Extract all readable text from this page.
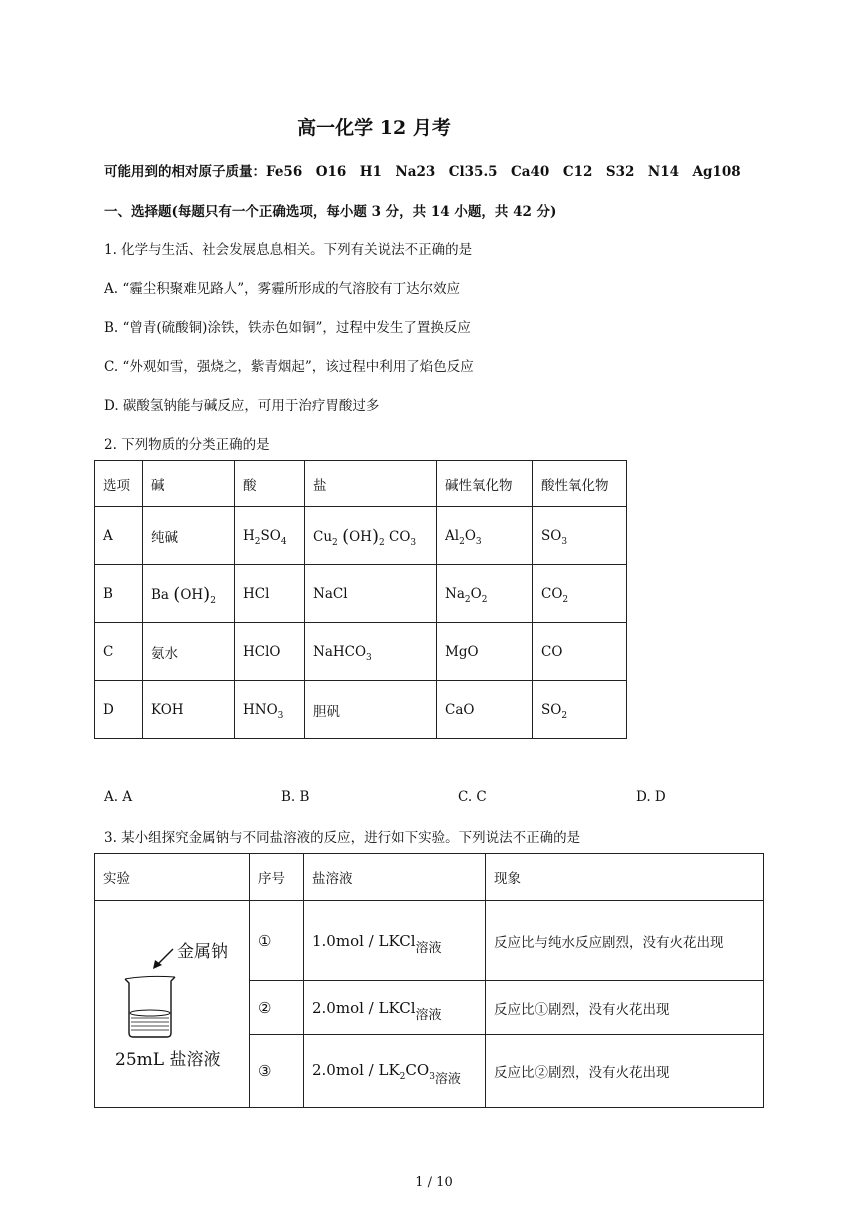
高一化学 12 月考
可能用到的相对原子质量：Fe56　O16　H1　Na23　Cl35.5　Ca40　C12　S32　N14　Ag108
一、选择题(每题只有一个正确选项，每小题 3 分，共 14 小题，共 42 分)
1. 化学与生活、社会发展息息相关。下列有关说法不正确的是
A. “霾尘积聚难见路人”，雾霾所形成的气溶胶有丁达尔效应
B. “曾青(硫酸铜)涂铁，铁赤色如铜”，过程中发生了置换反应
C. “外观如雪，强烧之，紫青烟起”，该过程中利用了焰色反应
D. 碳酸氢钠能与碱反应，可用于治疗胃酸过多
2. 下列物质的分类正确的是
选项	碱	酸	盐	碱性氧化物	酸性氧化物
A	纯碱	$H_2SO_4$	$Cu_2$ $(OH)_2$ $CO_3$	$Al_2O_3$	$SO_3$
B	Ba $(OH)_2$	HCl	NaCl	$Na_2O_2$	$CO_2$
C	氨水	HClO	NaHCO$_3$	MgO	CO
D	KOH	$HNO_3$	胆矾	CaO	$SO_2$
A. A	B. B	C. C	D. D
3. 某小组探究金属钠与不同盐溶液的反应，进行如下实验。下列说法不正确的是
实验	序号	盐溶液	现象

金属钠
25mL 盐溶液	①	1.0mol / LKCl$_{溶液}$	反应比与纯水反应剧烈，没有火花出现
	②	2.0mol / LKCl$_{溶液}$	反应比①剧烈，没有火花出现
	③	$2.0mol / LK_2CO_{3溶液}$	反应比②剧烈，没有火花出现
1 / 10
